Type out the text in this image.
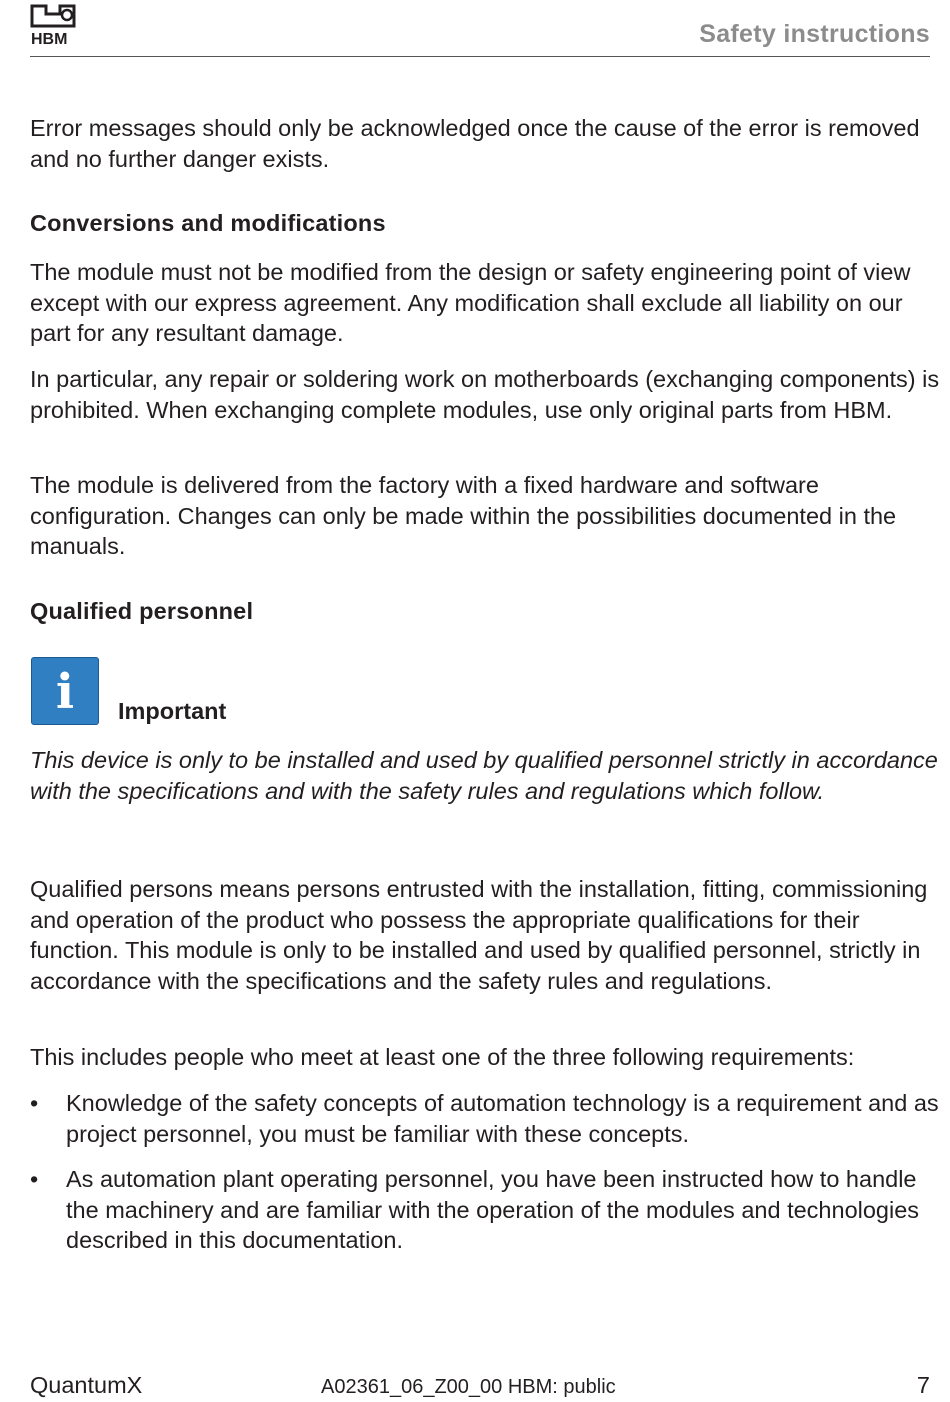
HBM	Safety instructions

Error messages should only be acknowledged once the cause of the error is removed and no further danger exists.

Conversions and modifications

The module must not be modified from the design or safety engineering point of view except with our express agreement. Any modification shall exclude all liability on our part for any resultant damage.

In particular, any repair or soldering work on motherboards (exchanging components) is prohibited. When exchanging complete modules, use only original parts from HBM.

The module is delivered from the factory with a fixed hardware and software configuration. Changes can only be made within the possibilities documented in the manuals.

Qualified personnel

i	Important

This device is only to be installed and used by qualified personnel strictly in accordance with the specifications and with the safety rules and regulations which follow.

Qualified persons means persons entrusted with the installation, fitting, commissioning and operation of the product who possess the appropriate qualifications for their function. This module is only to be installed and used by qualified personnel, strictly in accordance with the specifications and the safety rules and regulations.

This includes people who meet at least one of the three following requirements:

• Knowledge of the safety concepts of automation technology is a requirement and as project personnel, you must be familiar with these concepts.
• As automation plant operating personnel, you have been instructed how to handle the machinery and are familiar with the operation of the modules and technologies described in this documentation.
QuantumX	A02361_06_Z00_00 HBM: public	7
